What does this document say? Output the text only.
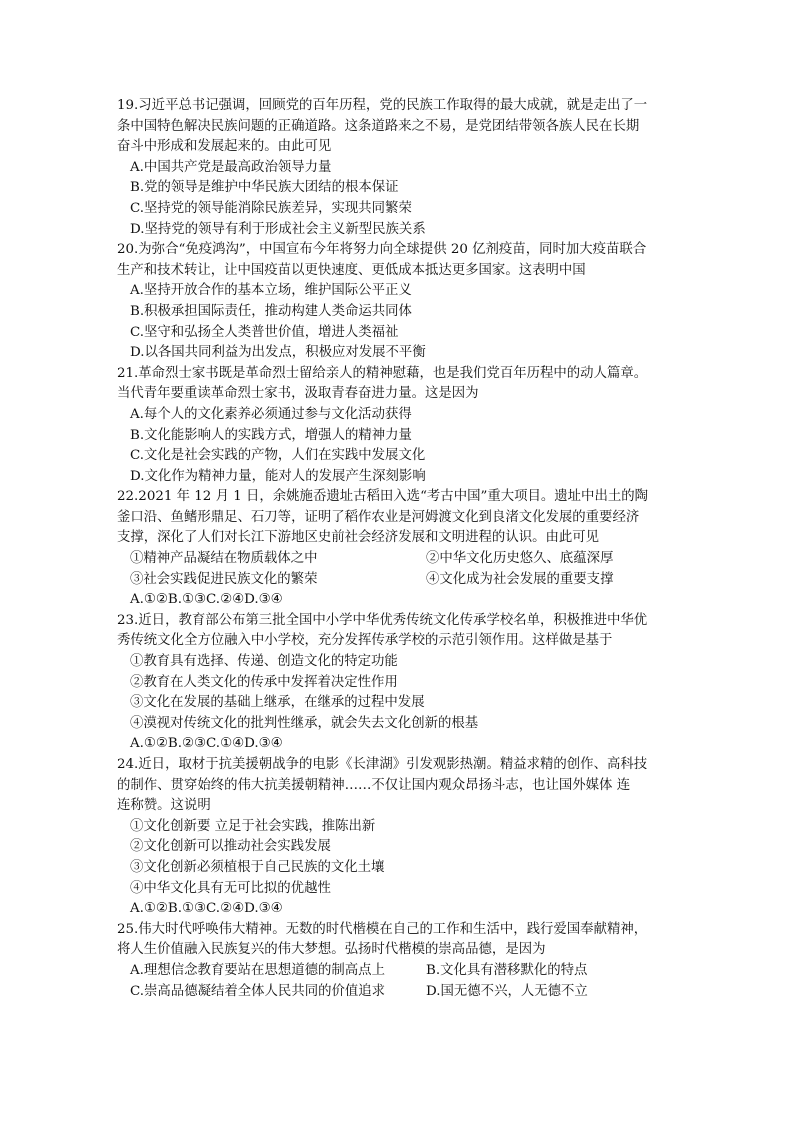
19.习近平总书记强调，回顾党的百年历程，党的民族工作取得的最大成就，就是走出了一
条中国特色解决民族问题的正确道路。这条道路来之不易，是党团结带领各族人民在长期
奋斗中形成和发展起来的。由此可见
A.中国共产党是最高政治领导力量
B.党的领导是维护中华民族大团结的根本保证
C.坚持党的领导能消除民族差异，实现共同繁荣
D.坚持党的领导有利于形成社会主义新型民族关系
20.为弥合“免疫鸿沟”，中国宣布今年将努力向全球提供 20 亿剂疫苗，同时加大疫苗联合
生产和技术转让，让中国疫苗以更快速度、更低成本抵达更多国家。这表明中国
A.坚持开放合作的基本立场，维护国际公平正义
B.积极承担国际责任，推动构建人类命运共同体
C.坚守和弘扬全人类普世价值，增进人类福祉
D.以各国共同利益为出发点，积极应对发展不平衡
21.革命烈士家书既是革命烈士留给亲人的精神慰藉，也是我们党百年历程中的动人篇章。
当代青年要重读革命烈士家书，汲取青春奋进力量。这是因为
A.每个人的文化素养必须通过参与文化活动获得
B.文化能影响人的实践方式，增强人的精神力量
C.文化是社会实践的产物，人们在实践中发展文化
D.文化作为精神力量，能对人的发展产生深刻影响
22.2021 年 12 月 1 日，余姚施岙遗址古稻田入选“考古中国”重大项目。遗址中出土的陶
釜口沿、鱼鳍形鼎足、石刀等，证明了稻作农业是河姆渡文化到良渚文化发展的重要经济
支撑，深化了人们对长江下游地区史前社会经济发展和文明进程的认识。由此可见
①精神产品凝结在物质载体之中	②中华文化历史悠久、底蕴深厚
③社会实践促进民族文化的繁荣	④文化成为社会发展的重要支撑
A.①②B.①③C.②④D.③④
23.近日，教育部公布第三批全国中小学中华优秀传统文化传承学校名单，积极推进中华优
秀传统文化全方位融入中小学校，充分发挥传承学校的示范引领作用。这样做是基于
①教育具有选择、传递、创造文化的特定功能
②教育在人类文化的传承中发挥着决定性作用
③文化在发展的基础上继承，在继承的过程中发展
④漠视对传统文化的批判性继承，就会失去文化创新的根基
A.①②B.②③C.①④D.③④
24.近日，取材于抗美援朝战争的电影《长津湖》引发观影热潮。精益求精的创作、高科技
的制作、贯穿始终的伟大抗美援朝精神……不仅让国内观众昂扬斗志，也让国外媒体 连
连称赞。这说明
①文化创新要 立足于社会实践，推陈出新
②文化创新可以推动社会实践发展
③文化创新必须植根于自己民族的文化土壤
④中华文化具有无可比拟的优越性
A.①②B.①③C.②④D.③④
25.伟大时代呼唤伟大精神。无数的时代楷模在自己的工作和生活中，践行爱国奉献精神，
将人生价值融入民族复兴的伟大梦想。弘扬时代楷模的崇高品德，是因为
A.理想信念教育要站在思想道德的制高点上	B.文化具有潜移默化的特点
C.崇高品德凝结着全体人民共同的价值追求	D.国无德不兴，人无德不立
